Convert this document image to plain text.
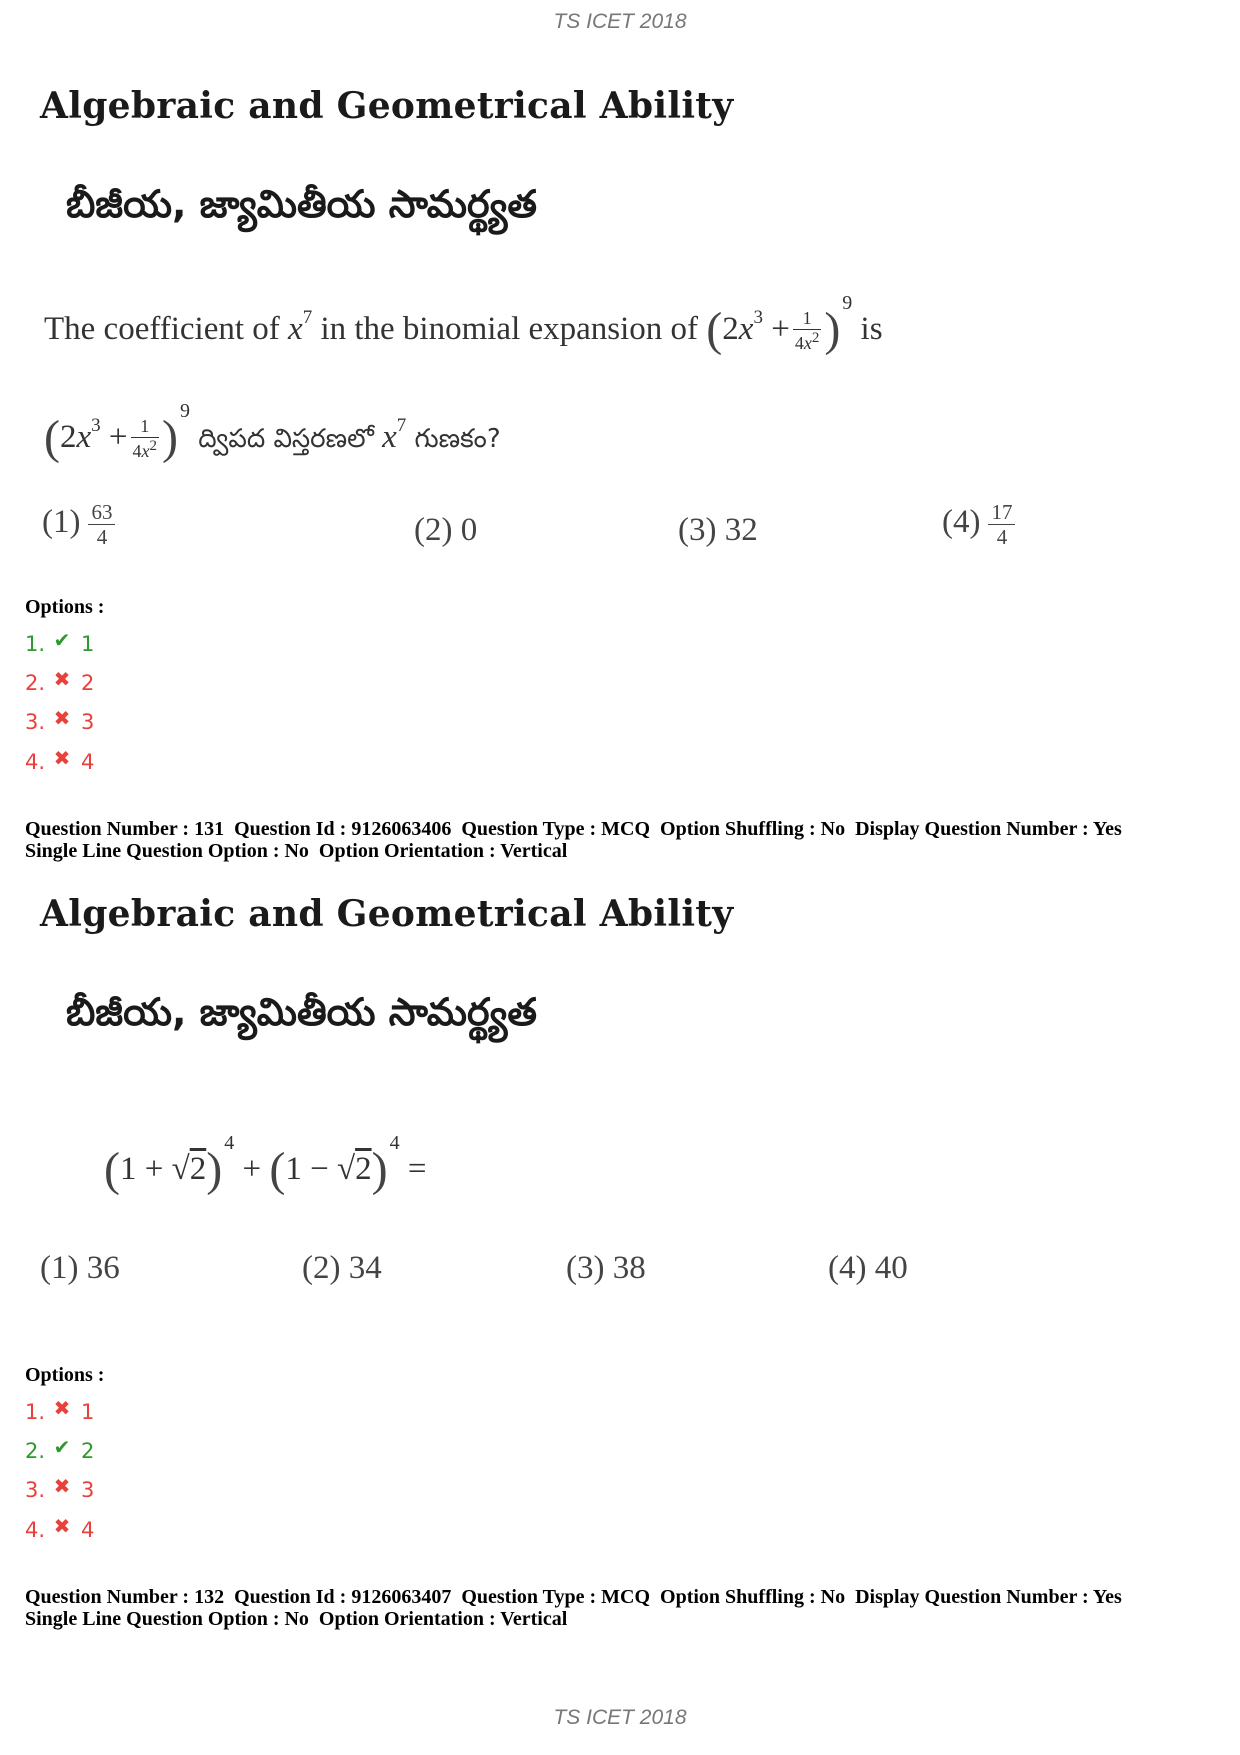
TS ICET 2018
Algebraic and Geometrical Ability
బీజీయ, జ్యామితీయ సామర్థ్యత
The coefficient of $x^7$ in the binomial expansion of ($2x^3 + \frac{1}{4x^2}$ ) $^9$ is
($2x^3 + \frac{1}{4x^2}$ ) $^9$ ద్విపద విస్తరణలో $x^7$ గుణకం?
$(1) \frac{63}{4}$	(2) 0	(3) 32	$(4) \frac{17}{4}$
Options :
1. ✔ 1
2. ✖ 2
3. ✖ 3
4. ✖ 4
Question Number : 131  Question Id : 9126063406  Question Type : MCQ  Option Shuffling : No  Display Question Number : Yes
Single Line Question Option : No  Option Orientation : Vertical
Algebraic and Geometrical Ability
బీజీయ, జ్యామితీయ సామర్థ్యత
(1 + √2) $^4$ + (1 − √2) $^4$ =
(1) 36	(2) 34	(3) 38	(4) 40
Options :
1. ✖ 1
2. ✔ 2
3. ✖ 3
4. ✖ 4
Question Number : 132  Question Id : 9126063407  Question Type : MCQ  Option Shuffling : No  Display Question Number : Yes
Single Line Question Option : No  Option Orientation : Vertical
TS ICET 2018
